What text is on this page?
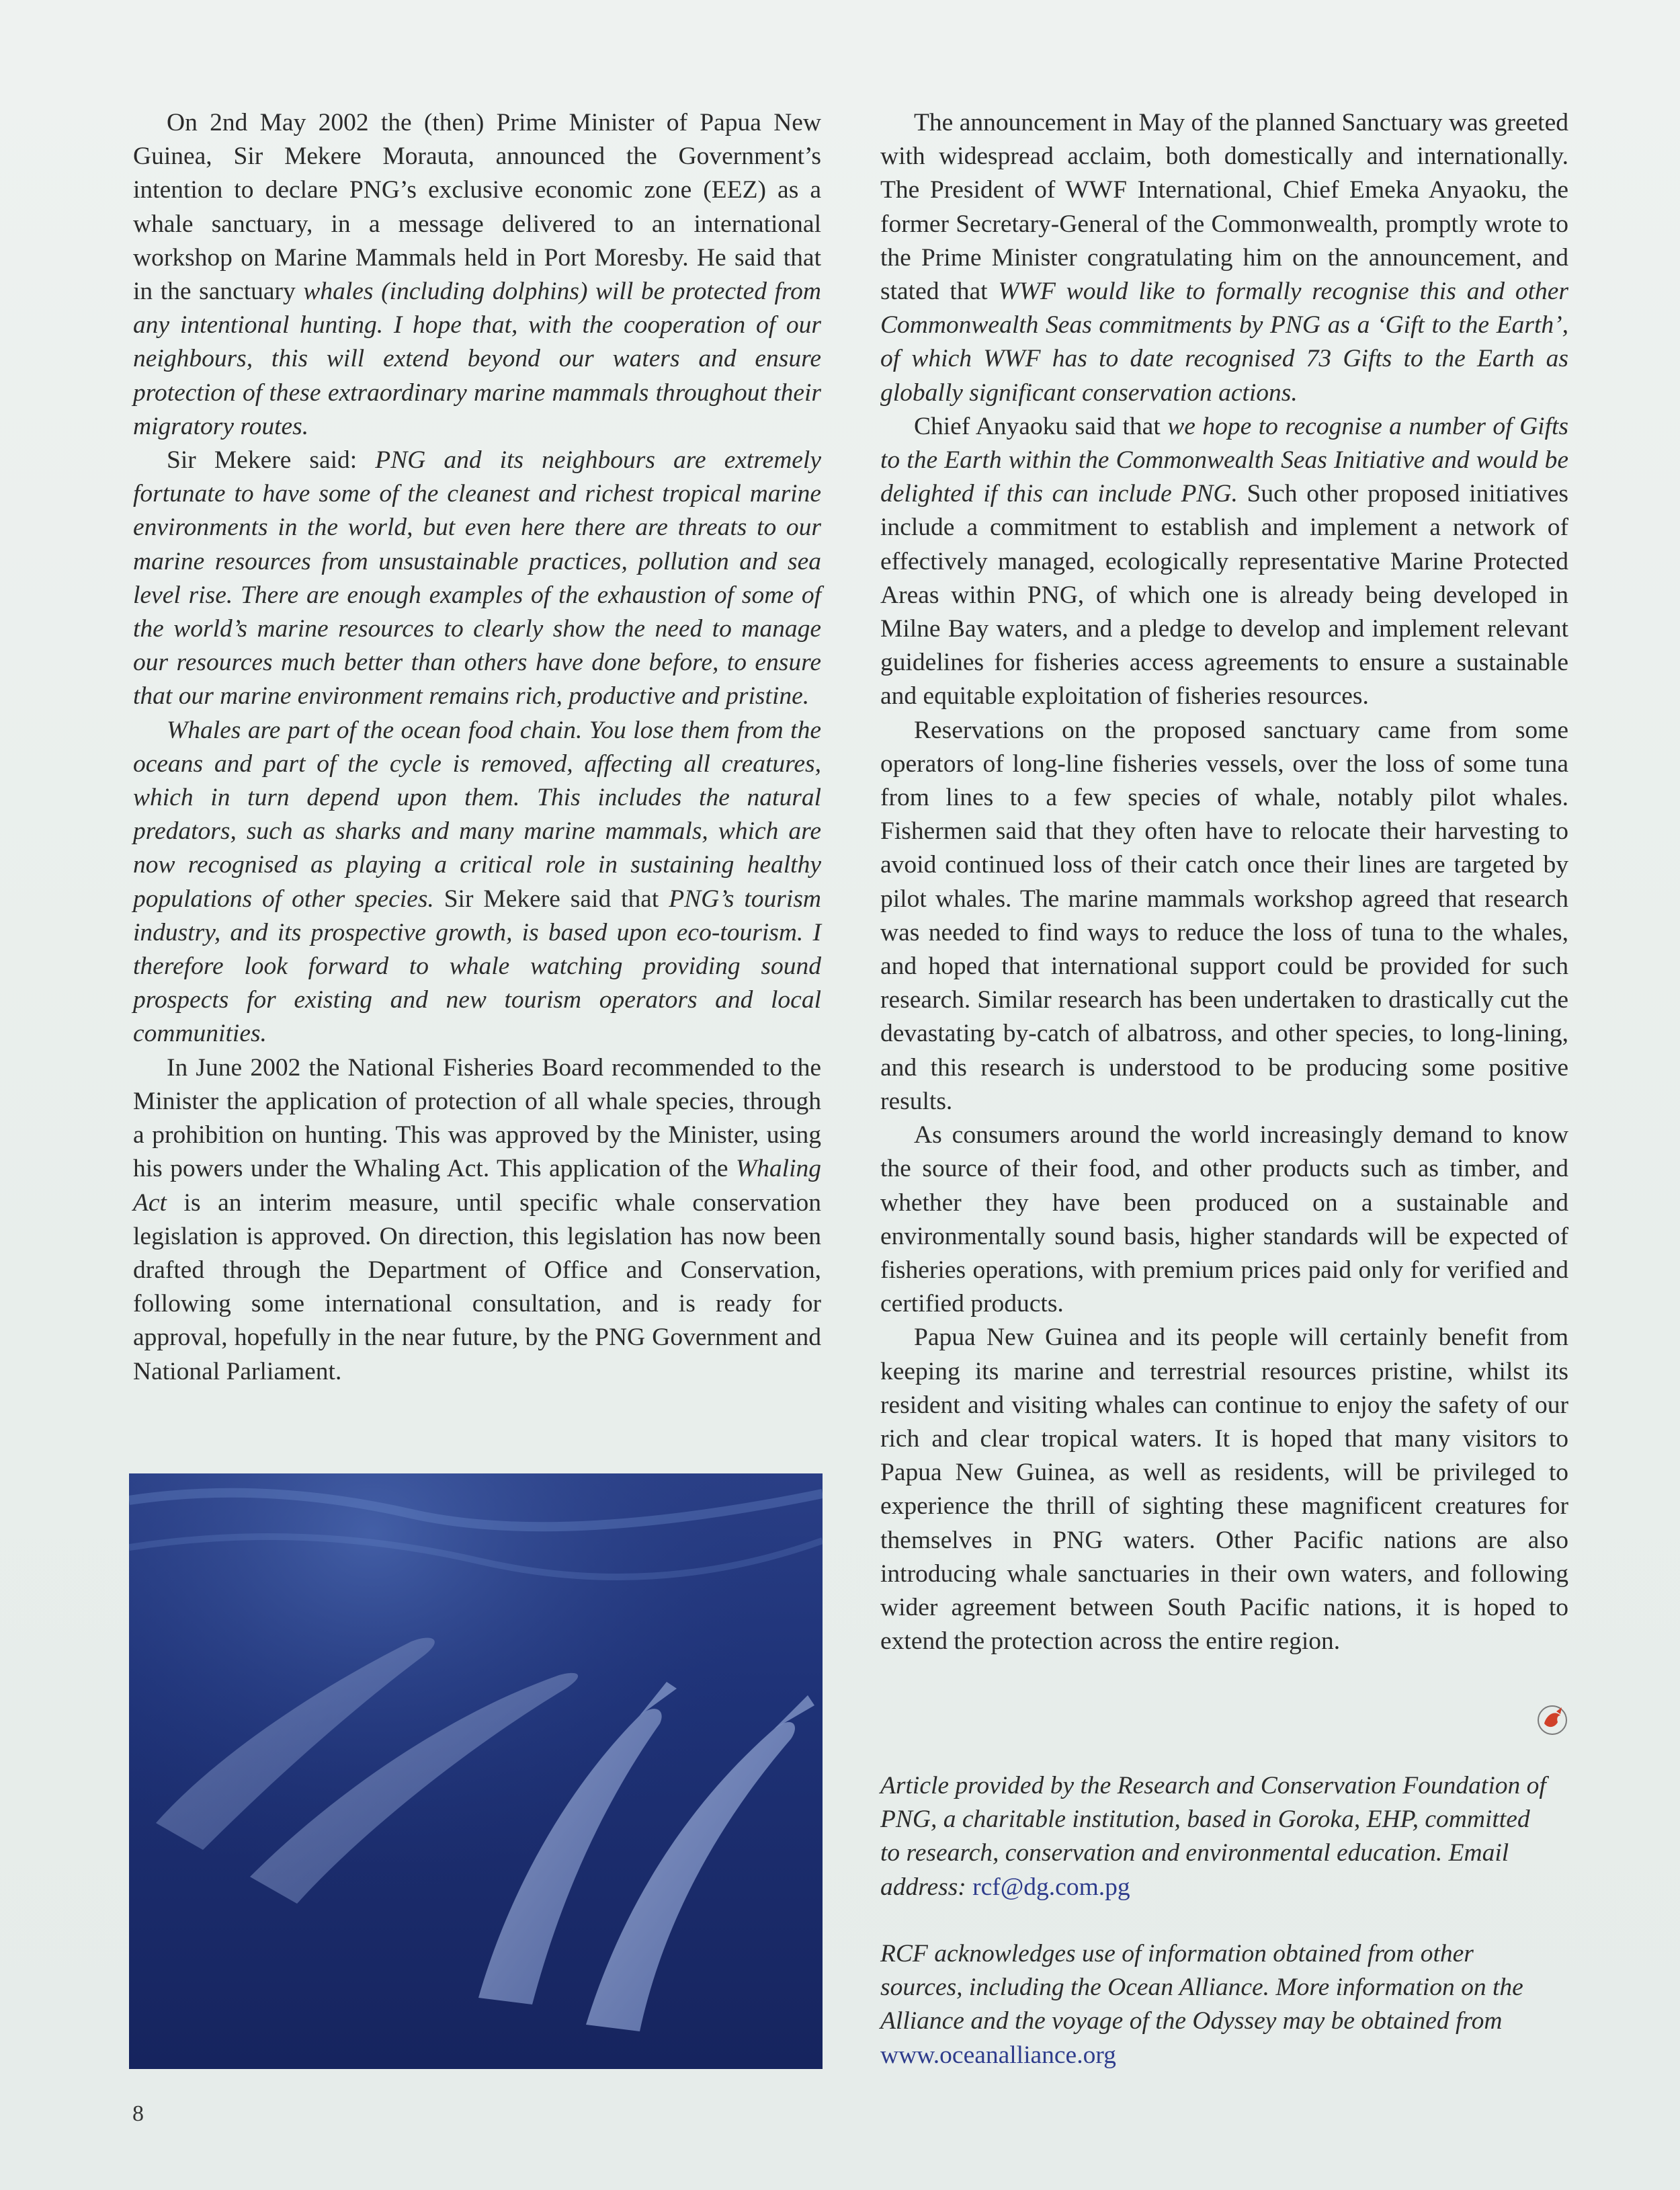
On 2nd May 2002 the (then) Prime Minister of Papua New Guinea, Sir Mekere Morauta, announced the Government’s intention to declare PNG’s exclusive economic zone (EEZ) as a whale sanctuary, in a message delivered to an international workshop on Marine Mammals held in Port Moresby. He said that in the sanctuary whales (including dolphins) will be protected from any intentional hunting. I hope that, with the cooperation of our neighbours, this will extend beyond our waters and ensure protection of these extraordinary marine mammals throughout their migratory routes.

Sir Mekere said: PNG and its neighbours are extremely fortunate to have some of the cleanest and richest tropical marine environments in the world, but even here there are threats to our marine resources from unsustainable practices, pollution and sea level rise. There are enough examples of the exhaustion of some of the world’s marine resources to clearly show the need to manage our resources much better than others have done before, to ensure that our marine environment remains rich, productive and pristine.

Whales are part of the ocean food chain. You lose them from the oceans and part of the cycle is removed, affecting all creatures, which in turn depend upon them. This includes the natural predators, such as sharks and many marine mammals, which are now recognised as playing a critical role in sustaining healthy populations of other species. Sir Mekere said that PNG’s tourism industry, and its prospective growth, is based upon eco-tourism. I therefore look forward to whale watching providing sound prospects for existing and new tourism operators and local communities.

In June 2002 the National Fisheries Board recommended to the Minister the application of protection of all whale species, through a prohibition on hunting. This was approved by the Minister, using his powers under the Whaling Act. This application of the Whaling Act is an interim measure, until specific whale conservation legislation is approved. On direction, this legislation has now been drafted through the Department of Office and Conservation, following some international consultation, and is ready for approval, hopefully in the near future, by the PNG Government and National Parliament.

The announcement in May of the planned Sanctuary was greeted with widespread acclaim, both domestically and internationally. The President of WWF International, Chief Emeka Anyaoku, the former Secretary-General of the Commonwealth, promptly wrote to the Prime Minister congratulating him on the announcement, and stated that WWF would like to formally recognise this and other Commonwealth Seas commitments by PNG as a ‘Gift to the Earth’, of which WWF has to date recognised 73 Gifts to the Earth as globally significant conservation actions.

Chief Anyaoku said that we hope to recognise a number of Gifts to the Earth within the Commonwealth Seas Initiative and would be delighted if this can include PNG. Such other proposed initiatives include a commitment to establish and implement a network of effectively managed, ecologically representative Marine Protected Areas within PNG, of which one is already being developed in Milne Bay waters, and a pledge to develop and implement relevant guidelines for fisheries access agreements to ensure a sustainable and equitable exploitation of fisheries resources.

Reservations on the proposed sanctuary came from some operators of long-line fisheries vessels, over the loss of some tuna from lines to a few species of whale, notably pilot whales. Fishermen said that they often have to relocate their harvesting to avoid continued loss of their catch once their lines are targeted by pilot whales. The marine mammals workshop agreed that research was needed to find ways to reduce the loss of tuna to the whales, and hoped that international support could be provided for such research. Similar research has been undertaken to drastically cut the devastating by-catch of albatross, and other species, to long-lining, and this research is understood to be producing some positive results.

As consumers around the world increasingly demand to know the source of their food, and other products such as timber, and whether they have been produced on a sustainable and environmentally sound basis, higher standards will be expected of fisheries operations, with premium prices paid only for verified and certified products.

Papua New Guinea and its people will certainly benefit from keeping its marine and terrestrial resources pristine, whilst its resident and visiting whales can continue to enjoy the safety of our rich and clear tropical waters. It is hoped that many visitors to Papua New Guinea, as well as residents, will be privileged to experience the thrill of sighting these magnificent creatures for themselves in PNG waters. Other Pacific nations are also introducing whale sanctuaries in their own waters, and following wider agreement between South Pacific nations, it is hoped to extend the protection across the entire region.

Article provided by the Research and Conservation Foundation of PNG, a charitable institution, based in Goroka, EHP, committed to research, conservation and environmental education. Email address: rcf@dg.com.pg
RCF acknowledges use of information obtained from other sources, including the Ocean Alliance. More information on the Alliance and the voyage of the Odyssey may be obtained from www.oceanalliance.org
8
